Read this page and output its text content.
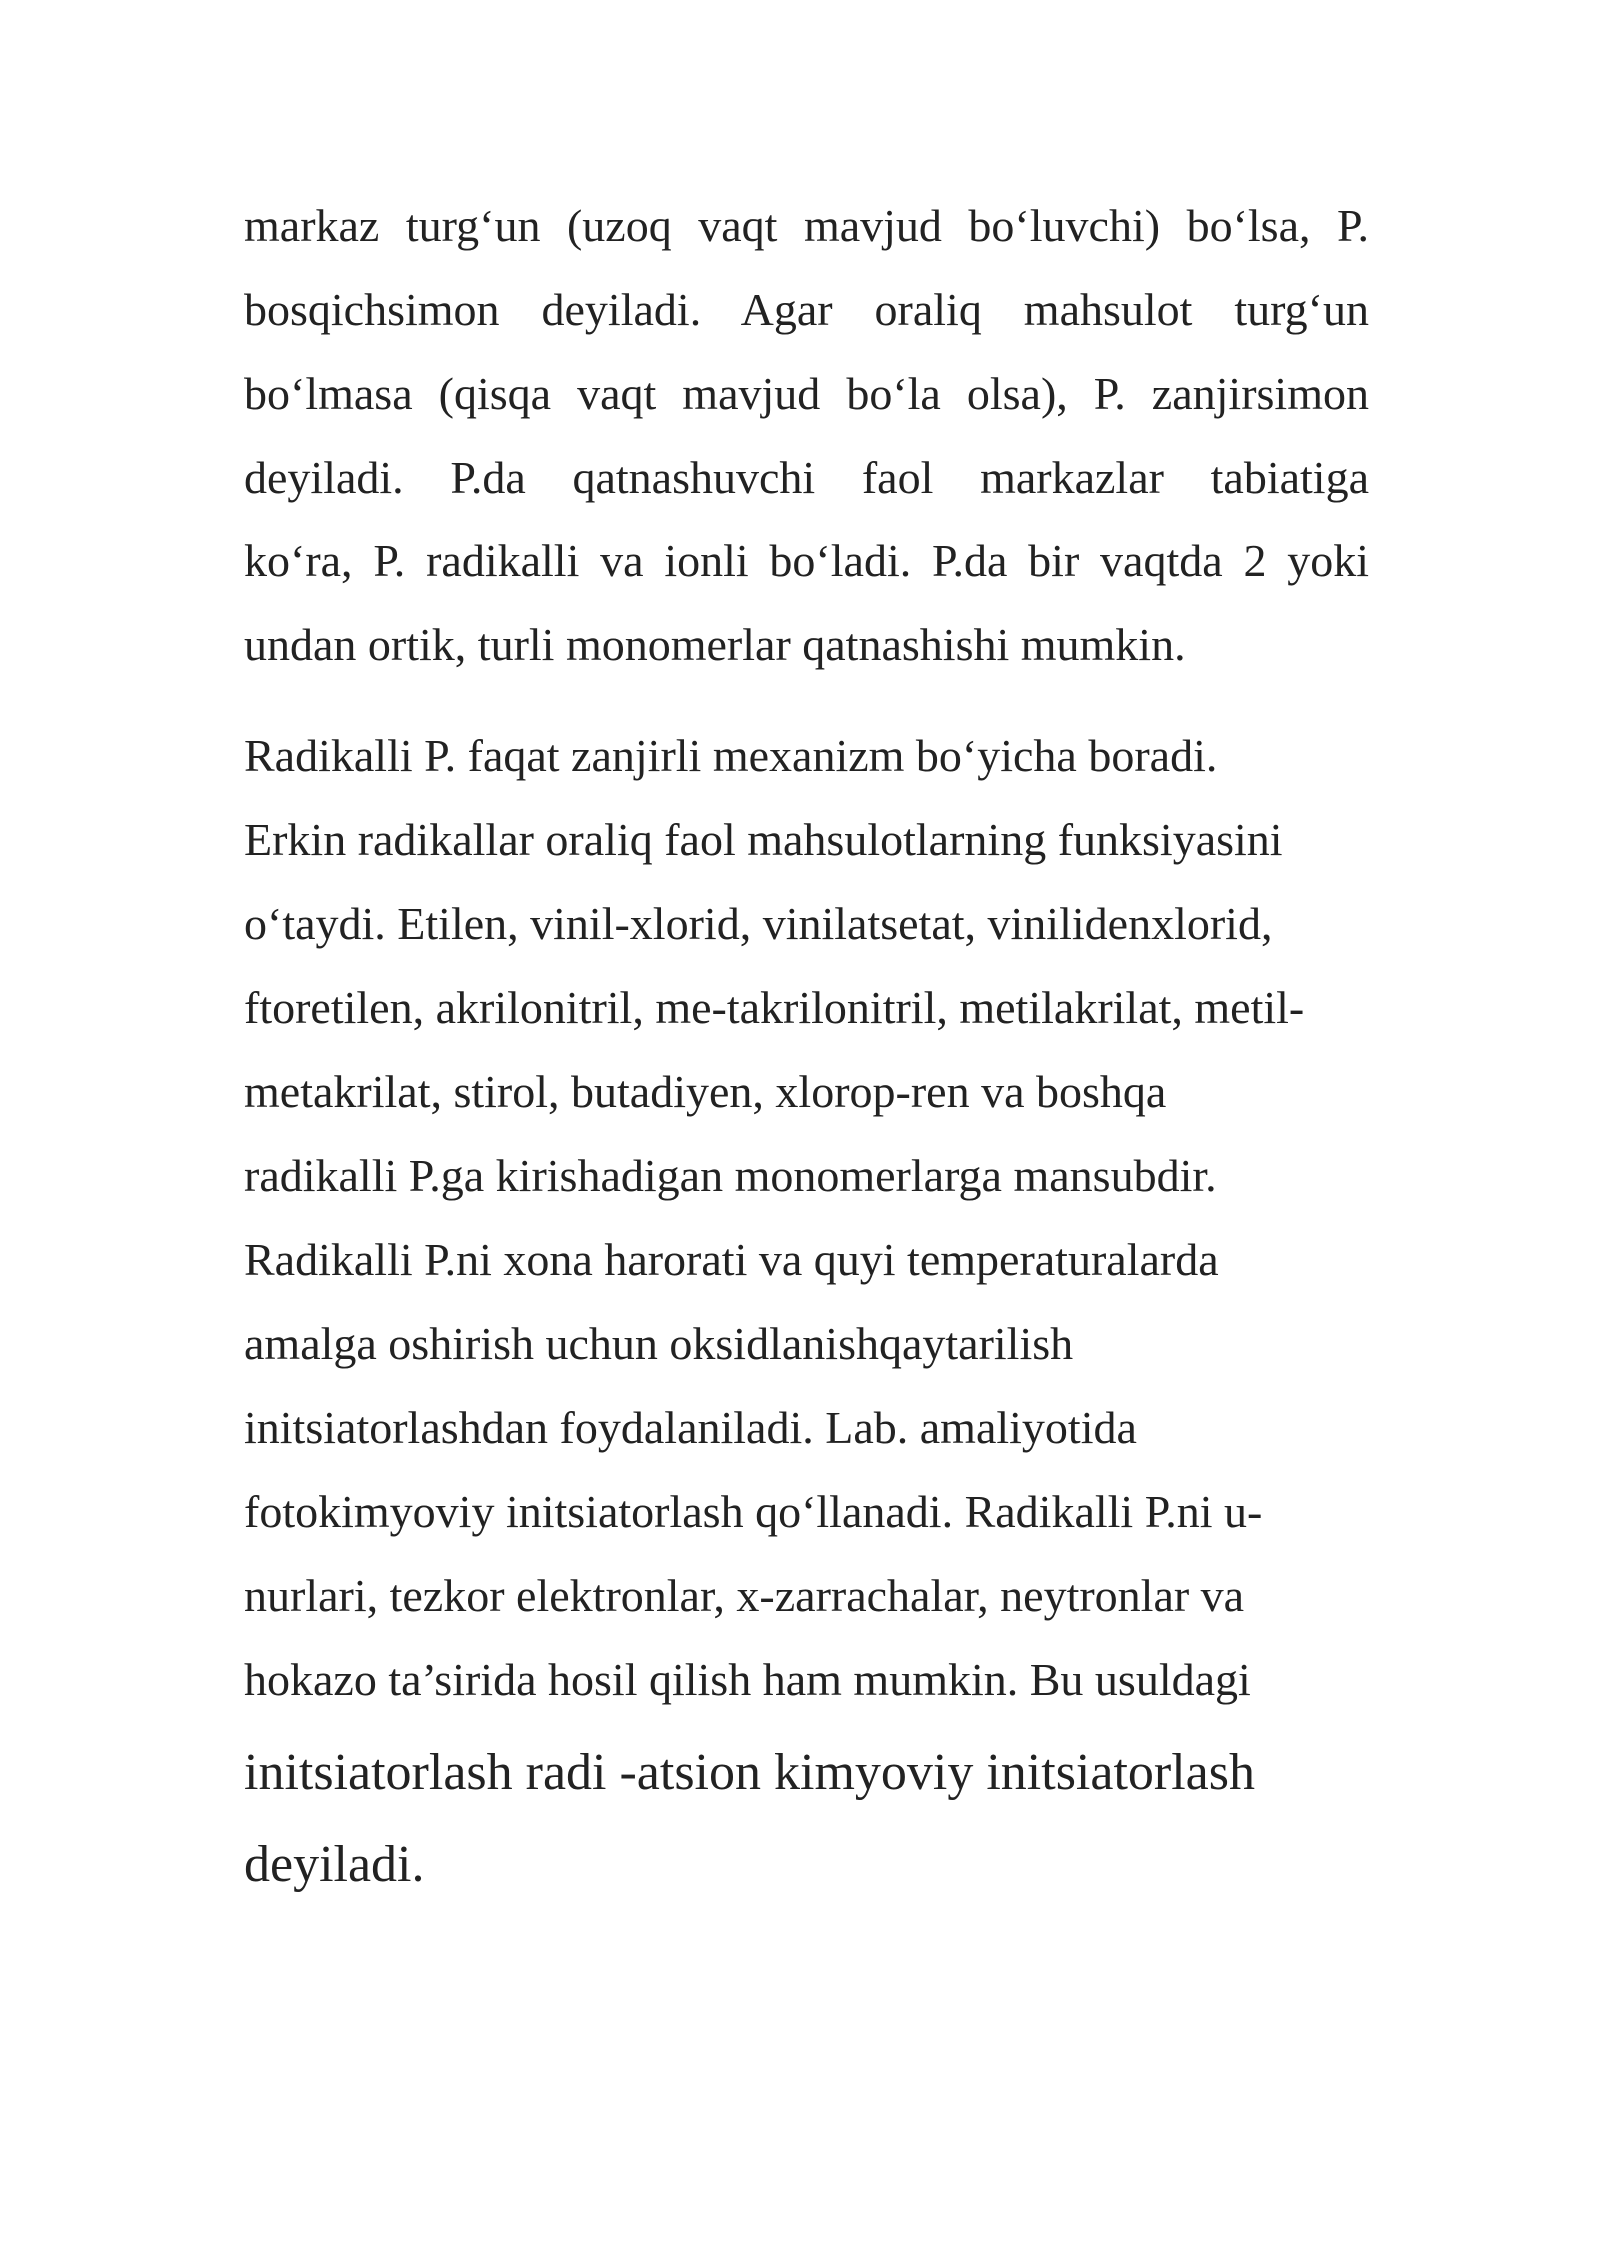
markaz turg‘un (uzoq vaqt mavjud bo‘luvchi) bo‘lsa, P.
bosqichsimon deyiladi. Agar oraliq mahsulot turg‘un
bo‘lmasa (qisqa vaqt mavjud bo‘la olsa), P. zanjirsimon
deyiladi. P.da qatnashuvchi faol markazlar tabiatiga
ko‘ra, P. radikalli va ionli bo‘ladi. P.da bir vaqtda 2 yoki
undan ortik, turli monomerlar qatnashishi mumkin.
Radikalli P. faqat zanjirli mexanizm bo‘yicha boradi.
Erkin radikallar oraliq faol mahsulotlarning funksiyasini
o‘taydi. Etilen, vinil-xlorid, vinilatsetat, vinilidenxlorid,
ftoretilen, akrilonitril, me-takrilonitril, metilakrilat, metil-
metakrilat, stirol, butadiyen, xlorop-ren va boshqa
radikalli P.ga kirishadigan monomerlarga mansubdir.
Radikalli P.ni xona harorati va quyi temperaturalarda
amalga oshirish uchun oksidlanishqaytarilish
initsiatorlashdan foydalaniladi. Lab. amaliyotida
fotokimyoviy initsiatorlash qo‘llanadi. Radikalli P.ni u-
nurlari, tezkor elektronlar, x-zarrachalar, neytronlar va
hokazo ta’sirida hosil qilish ham mumkin. Bu usuldagi
initsiatorlash radi -atsion kimyoviy initsiatorlash
deyiladi.
